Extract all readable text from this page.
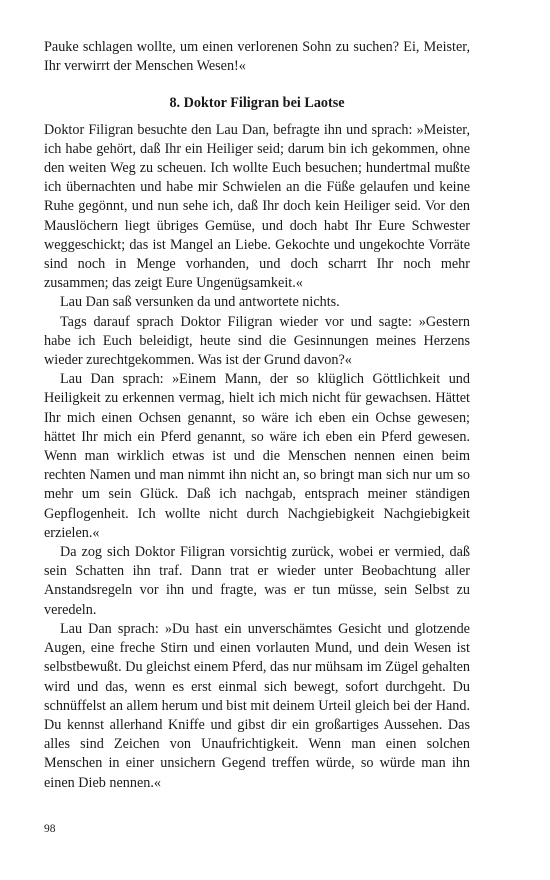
Pauke schlagen wollte, um einen verlorenen Sohn zu suchen? Ei, Meister, Ihr verwirrt der Menschen Wesen!«

8. Doktor Filigran bei Laotse

Doktor Filigran besuchte den Lau Dan, befragte ihn und sprach: »Meister, ich habe gehört, daß Ihr ein Heiliger seid; darum bin ich gekommen, ohne den weiten Weg zu scheuen. Ich wollte Euch besuchen; hundertmal mußte ich übernachten und habe mir Schwielen an die Füße gelaufen und keine Ruhe gegönnt, und nun sehe ich, daß Ihr doch kein Heiliger seid. Vor den Mauslöchern liegt übriges Gemüse, und doch habt Ihr Eure Schwester weggeschickt; das ist Mangel an Liebe. Gekochte und ungekochte Vorräte sind noch in Menge vorhanden, und doch scharrt Ihr noch mehr zusammen; das zeigt Eure Ungenügsamkeit.«

Lau Dan saß versunken da und antwortete nichts.

Tags darauf sprach Doktor Filigran wieder vor und sagte: »Gestern habe ich Euch beleidigt, heute sind die Gesinnungen meines Herzens wieder zurechtgekommen. Was ist der Grund davon?«

Lau Dan sprach: »Einem Mann, der so klüglich Göttlichkeit und Heiligkeit zu erkennen vermag, hielt ich mich nicht für gewachsen. Hättet Ihr mich einen Ochsen genannt, so wäre ich eben ein Ochse gewesen; hättet Ihr mich ein Pferd genannt, so wäre ich eben ein Pferd gewesen. Wenn man wirklich etwas ist und die Menschen nennen einen beim rechten Namen und man nimmt ihn nicht an, so bringt man sich nur um so mehr um sein Glück. Daß ich nachgab, entsprach meiner ständigen Gepflogenheit. Ich wollte nicht durch Nachgiebigkeit Nachgiebigkeit erzielen.«

Da zog sich Doktor Filigran vorsichtig zurück, wobei er vermied, daß sein Schatten ihn traf. Dann trat er wieder unter Beobachtung aller Anstandsregeln vor ihn und fragte, was er tun müsse, sein Selbst zu veredeln.

Lau Dan sprach: »Du hast ein unverschämtes Gesicht und glotzende Augen, eine freche Stirn und einen vorlauten Mund, und dein Wesen ist selbstbewußt. Du gleichst einem Pferd, das nur mühsam im Zügel gehalten wird und das, wenn es erst einmal sich bewegt, sofort durchgeht. Du schnüffelst an allem herum und bist mit deinem Urteil gleich bei der Hand. Du kennst allerhand Kniffe und gibst dir ein großartiges Aussehen. Das alles sind Zeichen von Unaufrichtigkeit. Wenn man einen solchen Menschen in einer unsichern Gegend treffen würde, so würde man ihn einen Dieb nennen.«

98
